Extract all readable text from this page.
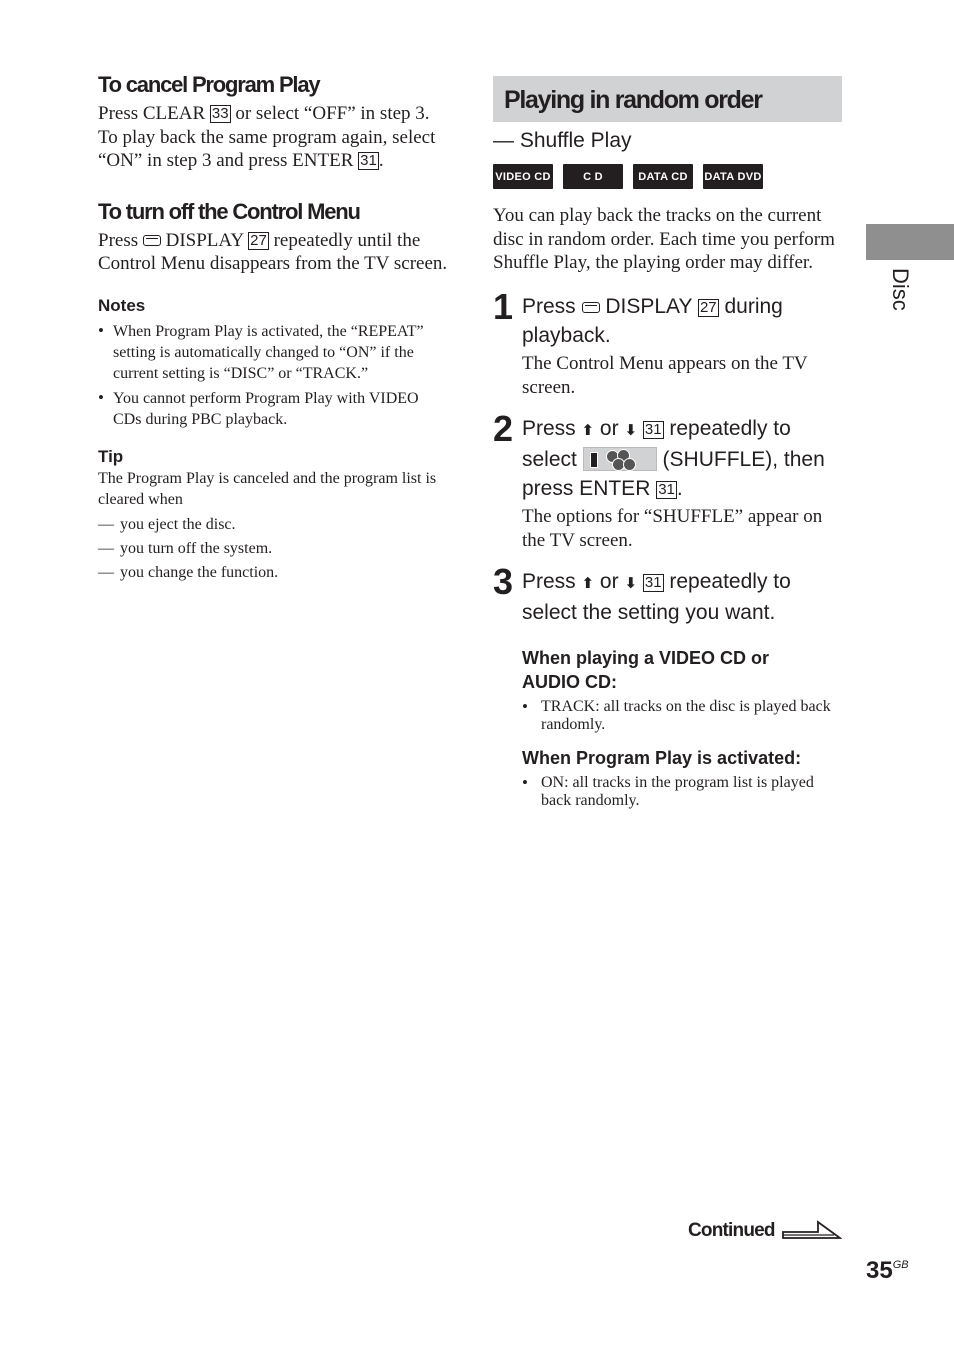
To cancel Program Play

Press CLEAR 33 or select “OFF” in step 3. To play back the same program again, select “ON” in step 3 and press ENTER 31 .

To turn off the Control Menu

Press  DISPLAY 27 repeatedly until the Control Menu disappears from the TV screen.

Notes
• When Program Play is activated, the “REPEAT” setting is automatically changed to “ON” if the current setting is “DISC” or “TRACK.”
• You cannot perform Program Play with VIDEO CDs during PBC playback.
Tip

The Program Play is canceled and the program list is cleared when

— you eject the disc.
— you turn off the system.
— you change the function.
Playing in random order
— Shuffle Play
VIDEO CD	C D	DATA CD	DATA DVD

You can play back the tracks on the current disc in random order. Each time you perform Shuffle Play, the playing order may differ.

1 Press  DISPLAY 27 during playback.
The Control Menu appears on the TV screen.
2 Press ⬆ or ⬇ 31 repeatedly to select	(SHUFFLE), then press ENTER 31.
The options for “SHUFFLE” appear on the TV screen.
3 Press ⬆ or ⬇ 31 repeatedly to select the setting you want.
When playing a VIDEO CD or AUDIO CD:
• TRACK: all tracks on the disc is played back randomly.
When Program Play is activated:
• ON: all tracks in the program list is played back randomly.
Disc
Continued
$35^{GB}$
